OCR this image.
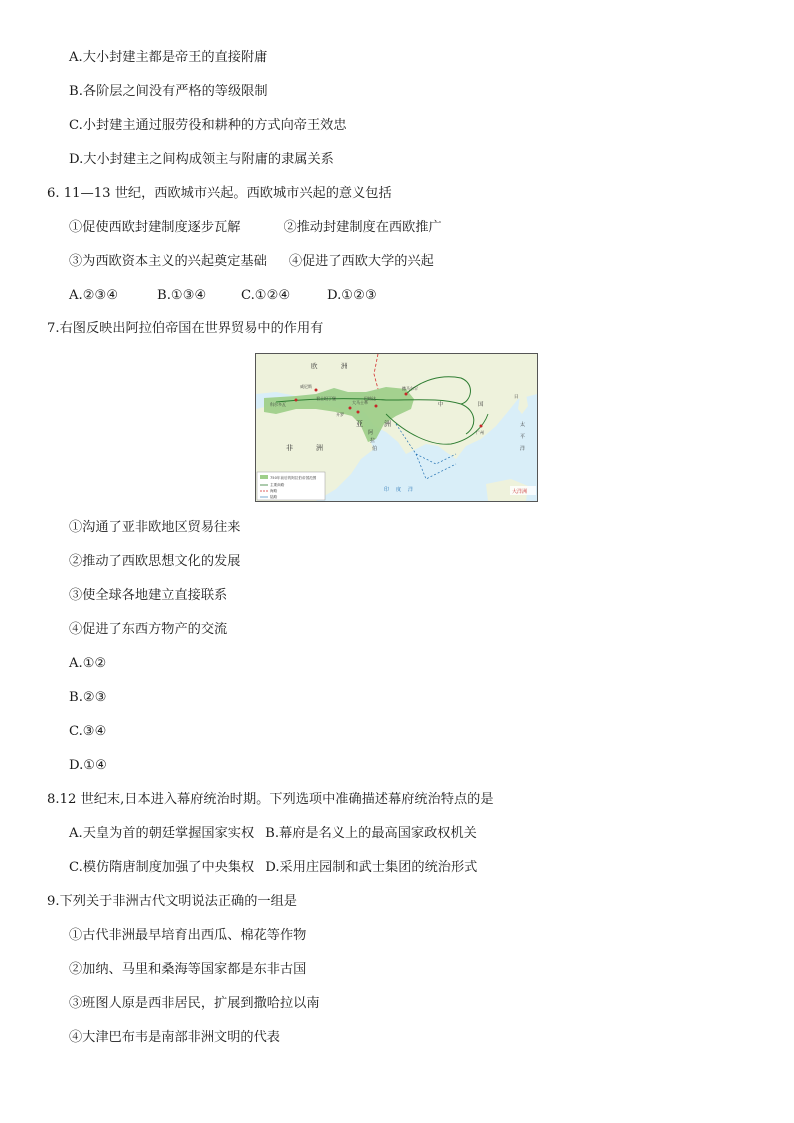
A.大小封建主都是帝王的直接附庸
B.各阶层之间没有严格的等级限制
C.小封建主通过服劳役和耕种的方式向帝王效忠
D.大小封建主之间构成领主与附庸的隶属关系
6. 11—13 世纪，西欧城市兴起。西欧城市兴起的意义包括
①促使西欧封建制度逐步瓦解	②推动封建制度在西欧推广
③为西欧资本主义的兴起奠定基础 ④促进了西欧大学的兴起
A.②③④	B.①③④	C.①②④	D.①②③
7.右图反映出阿拉伯帝国在世界贸易中的作用有
欧	洲
亚	洲
非	洲
阿
拉
伯
中	国
日
太
平
洋
印 度 洋
威尼斯
科尔多瓦
君士坦丁堡
开罗
大马士革
巴格达
撒马尔罕
广州
大洋洲
750年前后的阿拉伯帝国范围
主要商路
海路
陆路
①沟通了亚非欧地区贸易往来
②推动了西欧思想文化的发展
③使全球各地建立直接联系
④促进了东西方物产的交流
A.①②
B.②③
C.③④
D.①④
8.12 世纪末,日本进入幕府统治时期。下列选项中准确描述幕府统治特点的是
A.天皇为首的朝廷掌握国家实权 B.幕府是名义上的最高国家政权机关
C.模仿隋唐制度加强了中央集权 D.采用庄园制和武士集团的统治形式
9.下列关于非洲古代文明说法正确的一组是
①古代非洲最早培育出西瓜、棉花等作物
②加纳、马里和桑海等国家都是东非古国
③班图人原是西非居民，扩展到撒哈拉以南
④大津巴布韦是南部非洲文明的代表
